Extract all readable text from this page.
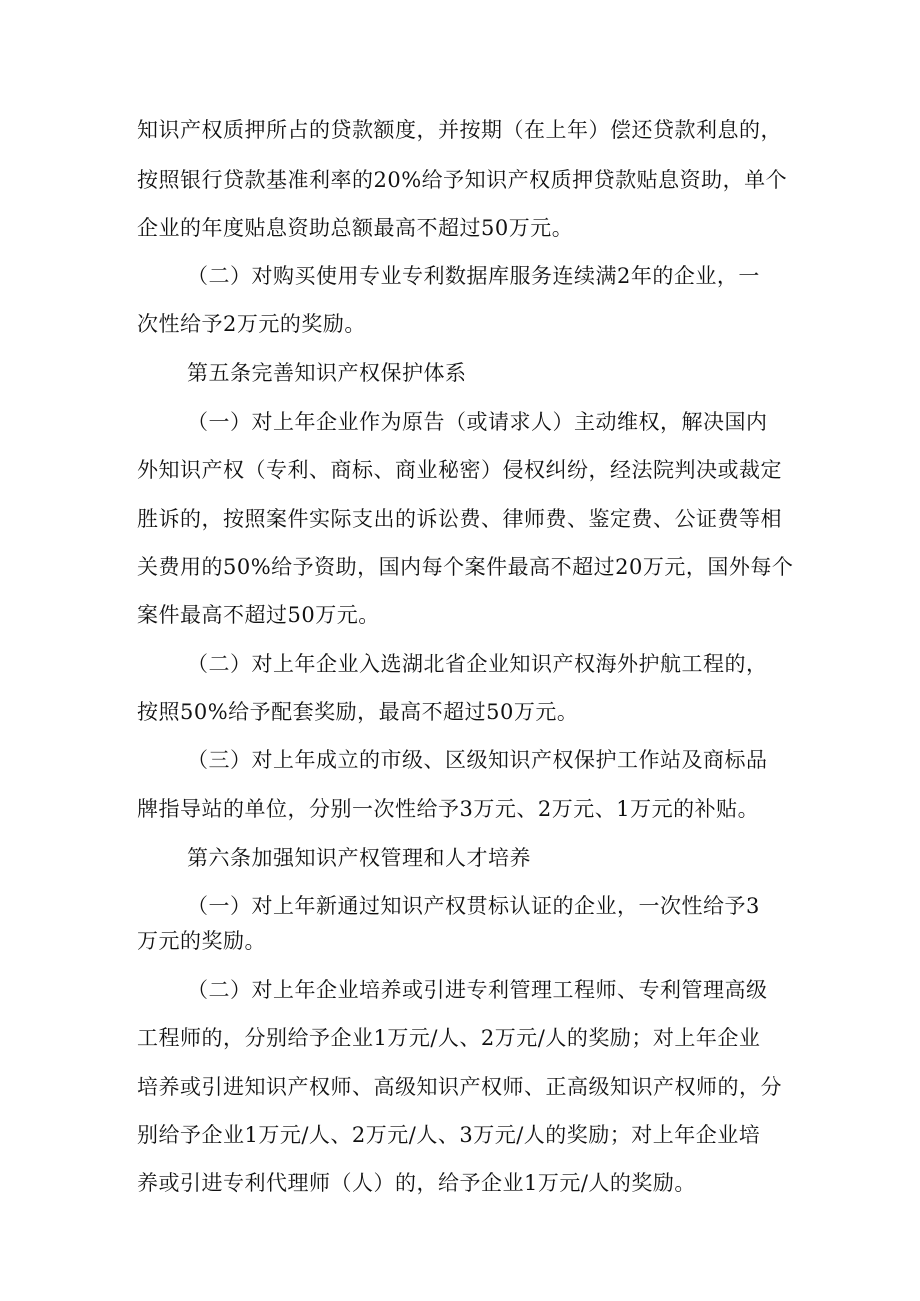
知识产权质押所占的贷款额度，并按期（在上年）偿还贷款利息的，
按照银行贷款基准利率的20%给予知识产权质押贷款贴息资助，单个
企业的年度贴息资助总额最高不超过50万元。
（二）对购买使用专业专利数据库服务连续满2年的企业，一
次性给予2万元的奖励。
第五条完善知识产权保护体系
（一）对上年企业作为原告（或请求人）主动维权，解决国内
外知识产权（专利、商标、商业秘密）侵权纠纷，经法院判决或裁定
胜诉的，按照案件实际支出的诉讼费、律师费、鉴定费、公证费等相
关费用的50%给予资助，国内每个案件最高不超过20万元，国外每个
案件最高不超过50万元。
（二）对上年企业入选湖北省企业知识产权海外护航工程的，
按照50%给予配套奖励，最高不超过50万元。
（三）对上年成立的市级、区级知识产权保护工作站及商标品
牌指导站的单位，分别一次性给予3万元、2万元、1万元的补贴。
第六条加强知识产权管理和人才培养
（一）对上年新通过知识产权贯标认证的企业，一次性给予3
万元的奖励。
（二）对上年企业培养或引进专利管理工程师、专利管理高级
工程师的，分别给予企业1万元/人、2万元/人的奖励；对上年企业
培养或引进知识产权师、高级知识产权师、正高级知识产权师的，分
别给予企业1万元/人、2万元/人、3万元/人的奖励；对上年企业培
养或引进专利代理师（人）的，给予企业1万元/人的奖励。
